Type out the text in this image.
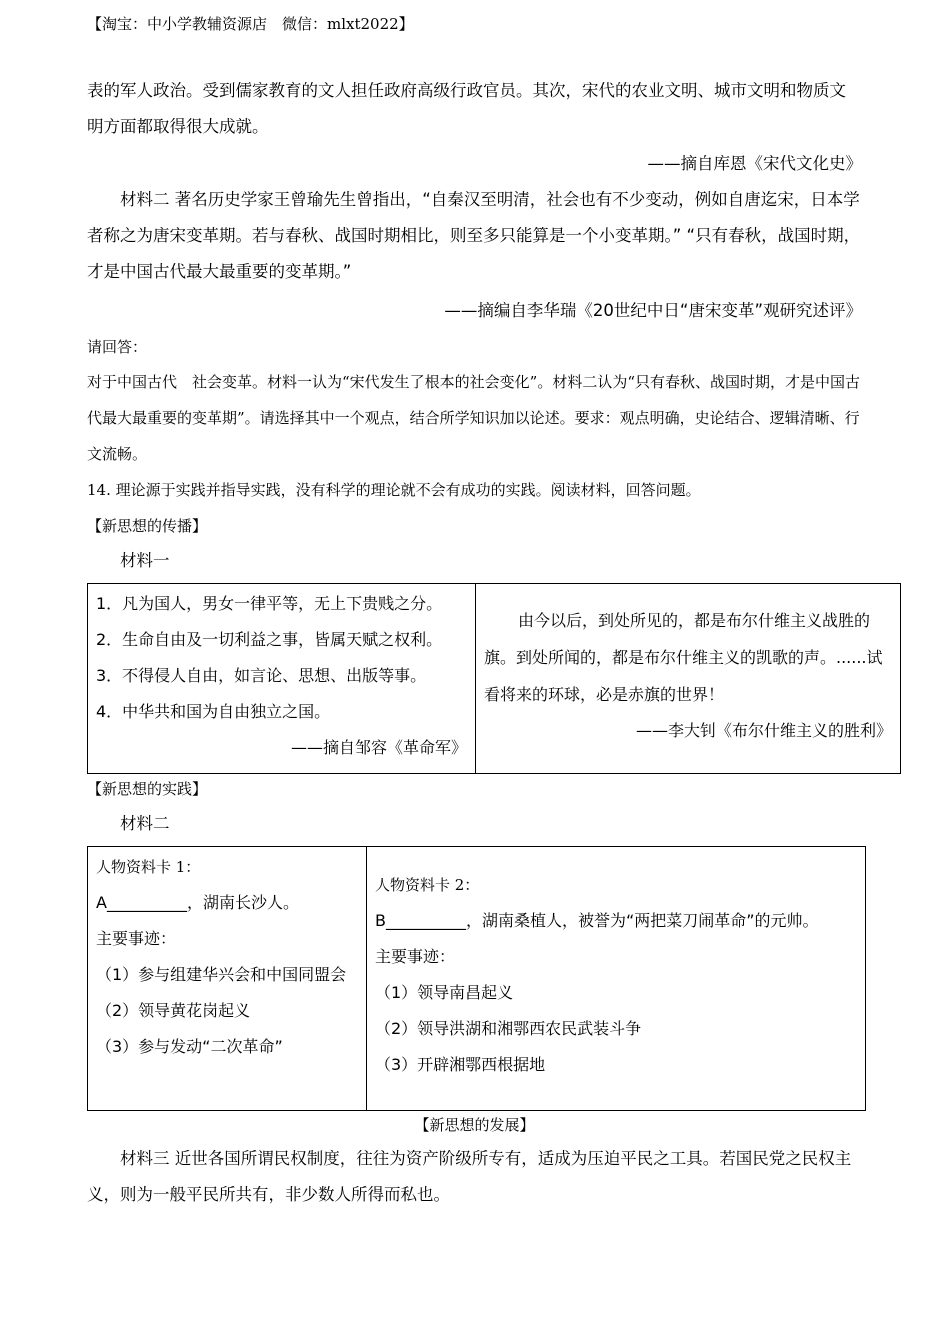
【淘宝：中小学教辅资源店　微信：mlxt2022】

表的军人政治。受到儒家教育的文人担任政府高级行政官员。其次，宋代的农业文明、城市文明和物质文明方面都取得很大成就。

——摘自库恩《宋代文化史》

材料二 著名历史学家王曾瑜先生曾指出，“自秦汉至明清，社会也有不少变动，例如自唐迄宋，日本学者称之为唐宋变革期。若与春秋、战国时期相比，则至多只能算是一个小变革期。” “只有春秋，战国时期，才是中国古代最大最重要的变革期。”

——摘编自李华瑞《20世纪中日“唐宋变革”观研究述评》

请回答：

对于中国古代　社会变革。材料一认为“宋代发生了根本的社会变化”。材料二认为“只有春秋、战国时期，才是中国古代最大最重要的变革期”。请选择其中一个观点，结合所学知识加以论述。要求：观点明确，史论结合、逻辑清晰、行文流畅。

14. 理论源于实践并指导实践，没有科学的理论就不会有成功的实践。阅读材料，回答问题。

【新思想的传播】

材料一

1．凡为国人，男女一律平等，无上下贵贱之分。
2．生命自由及一切利益之事，皆属天赋之权利。
3．不得侵人自由，如言论、思想、出版等事。
4．中华共和国为自由独立之国。
——摘自邹容《革命军》

由今以后，到处所见的，都是布尔什维主义战胜的旗。到处所闻的，都是布尔什维主义的凯歌的声。......试看将来的环球，必是赤旗的世界！
——李大钊《布尔什维主义的胜利》

【新思想的实践】

材料二

人物资料卡 1：
A__________，湖南长沙人。
主要事迹：
（1）参与组建华兴会和中国同盟会
（2）领导黄花岗起义
（3）参与发动“二次革命”

人物资料卡 2：
B__________，湖南桑植人，被誉为“两把菜刀闹革命”的元帅。
主要事迹：
（1）领导南昌起义
（2）领导洪湖和湘鄂西农民武装斗争
（3）开辟湘鄂西根据地

【新思想的发展】

材料三 近世各国所谓民权制度，往往为资产阶级所专有，适成为压迫平民之工具。若国民党之民权主义，则为一般平民所共有，非少数人所得而私也。
